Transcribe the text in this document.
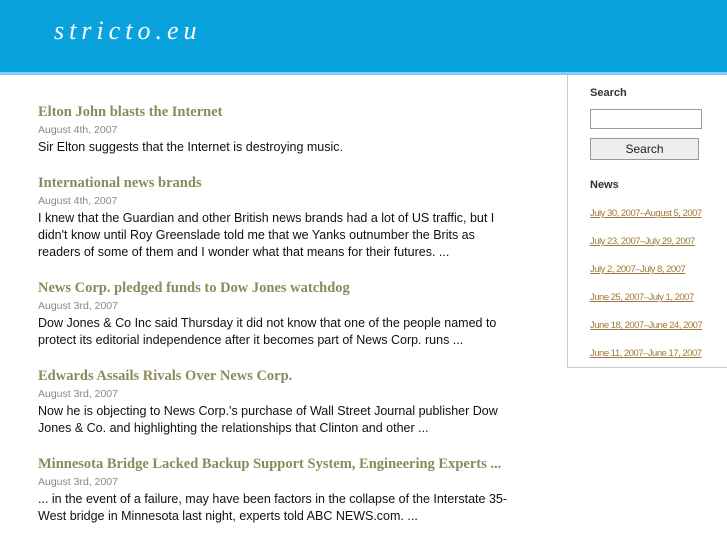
stricto.eu
Elton John blasts the Internet
August 4th, 2007
Sir Elton suggests that the Internet is destroying music.
International news brands
August 4th, 2007
I knew that the Guardian and other British news brands had a lot of US traffic, but I didn't know until Roy Greenslade told me that we Yanks outnumber the Brits as readers of some of them and I wonder what that means for their futures. ...
News Corp. pledged funds to Dow Jones watchdog
August 3rd, 2007
Dow Jones & Co Inc said Thursday it did not know that one of the people named to protect its editorial independence after it becomes part of News Corp. runs ...
Edwards Assails Rivals Over News Corp.
August 3rd, 2007
Now he is objecting to News Corp.'s purchase of Wall Street Journal publisher Dow Jones & Co. and highlighting the relationships that Clinton and other ...
Minnesota Bridge Lacked Backup Support System, Engineering Experts ...
August 3rd, 2007
... in the event of a failure, may have been factors in the collapse of the Interstate 35-West bridge in Minnesota last night, experts told ABC NEWS.com. ...
Search
Search
News
July 30, 2007–August 5, 2007
July 23, 2007–July 29, 2007
July 2, 2007–July 8, 2007
June 25, 2007–July 1, 2007
June 18, 2007–June 24, 2007
June 11, 2007–June 17, 2007
